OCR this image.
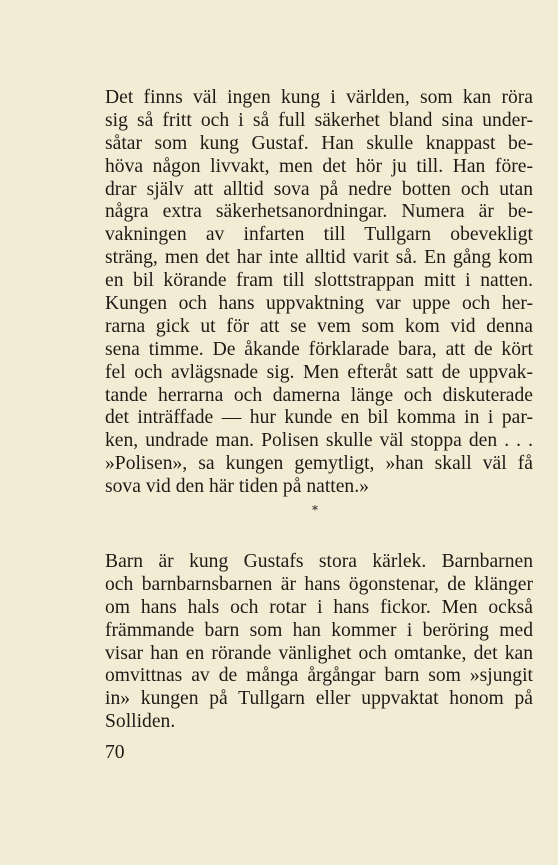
Det finns väl ingen kung i världen, som kan röra
sig så fritt och i så full säkerhet bland sina under-
såtar som kung Gustaf. Han skulle knappast be-
höva någon livvakt, men det hör ju till. Han före-
drar själv att alltid sova på nedre botten och utan
några extra säkerhetsanordningar. Numera är be-
vakningen av infarten till Tullgarn obevekligt
sträng, men det har inte alltid varit så. En gång kom
en bil körande fram till slottstrappan mitt i natten.
Kungen och hans uppvaktning var uppe och her-
rarna gick ut för att se vem som kom vid denna
sena timme. De åkande förklarade bara, att de kört
fel och avlägsnade sig. Men efteråt satt de uppvak-
tande herrarna och damerna länge och diskuterade
det inträffade — hur kunde en bil komma in i par-
ken, undrade man. Polisen skulle väl stoppa den . . .
»Polisen», sa kungen gemytligt, »han skall väl få
sova vid den här tiden på natten.»
*
Barn är kung Gustafs stora kärlek. Barnbarnen
och barnbarnsbarnen är hans ögonstenar, de klänger
om hans hals och rotar i hans fickor. Men också
främmande barn som han kommer i beröring med
visar han en rörande vänlighet och omtanke, det kan
omvittnas av de många årgångar barn som »sjungit
in» kungen på Tullgarn eller uppvaktat honom på
Solliden.
70
